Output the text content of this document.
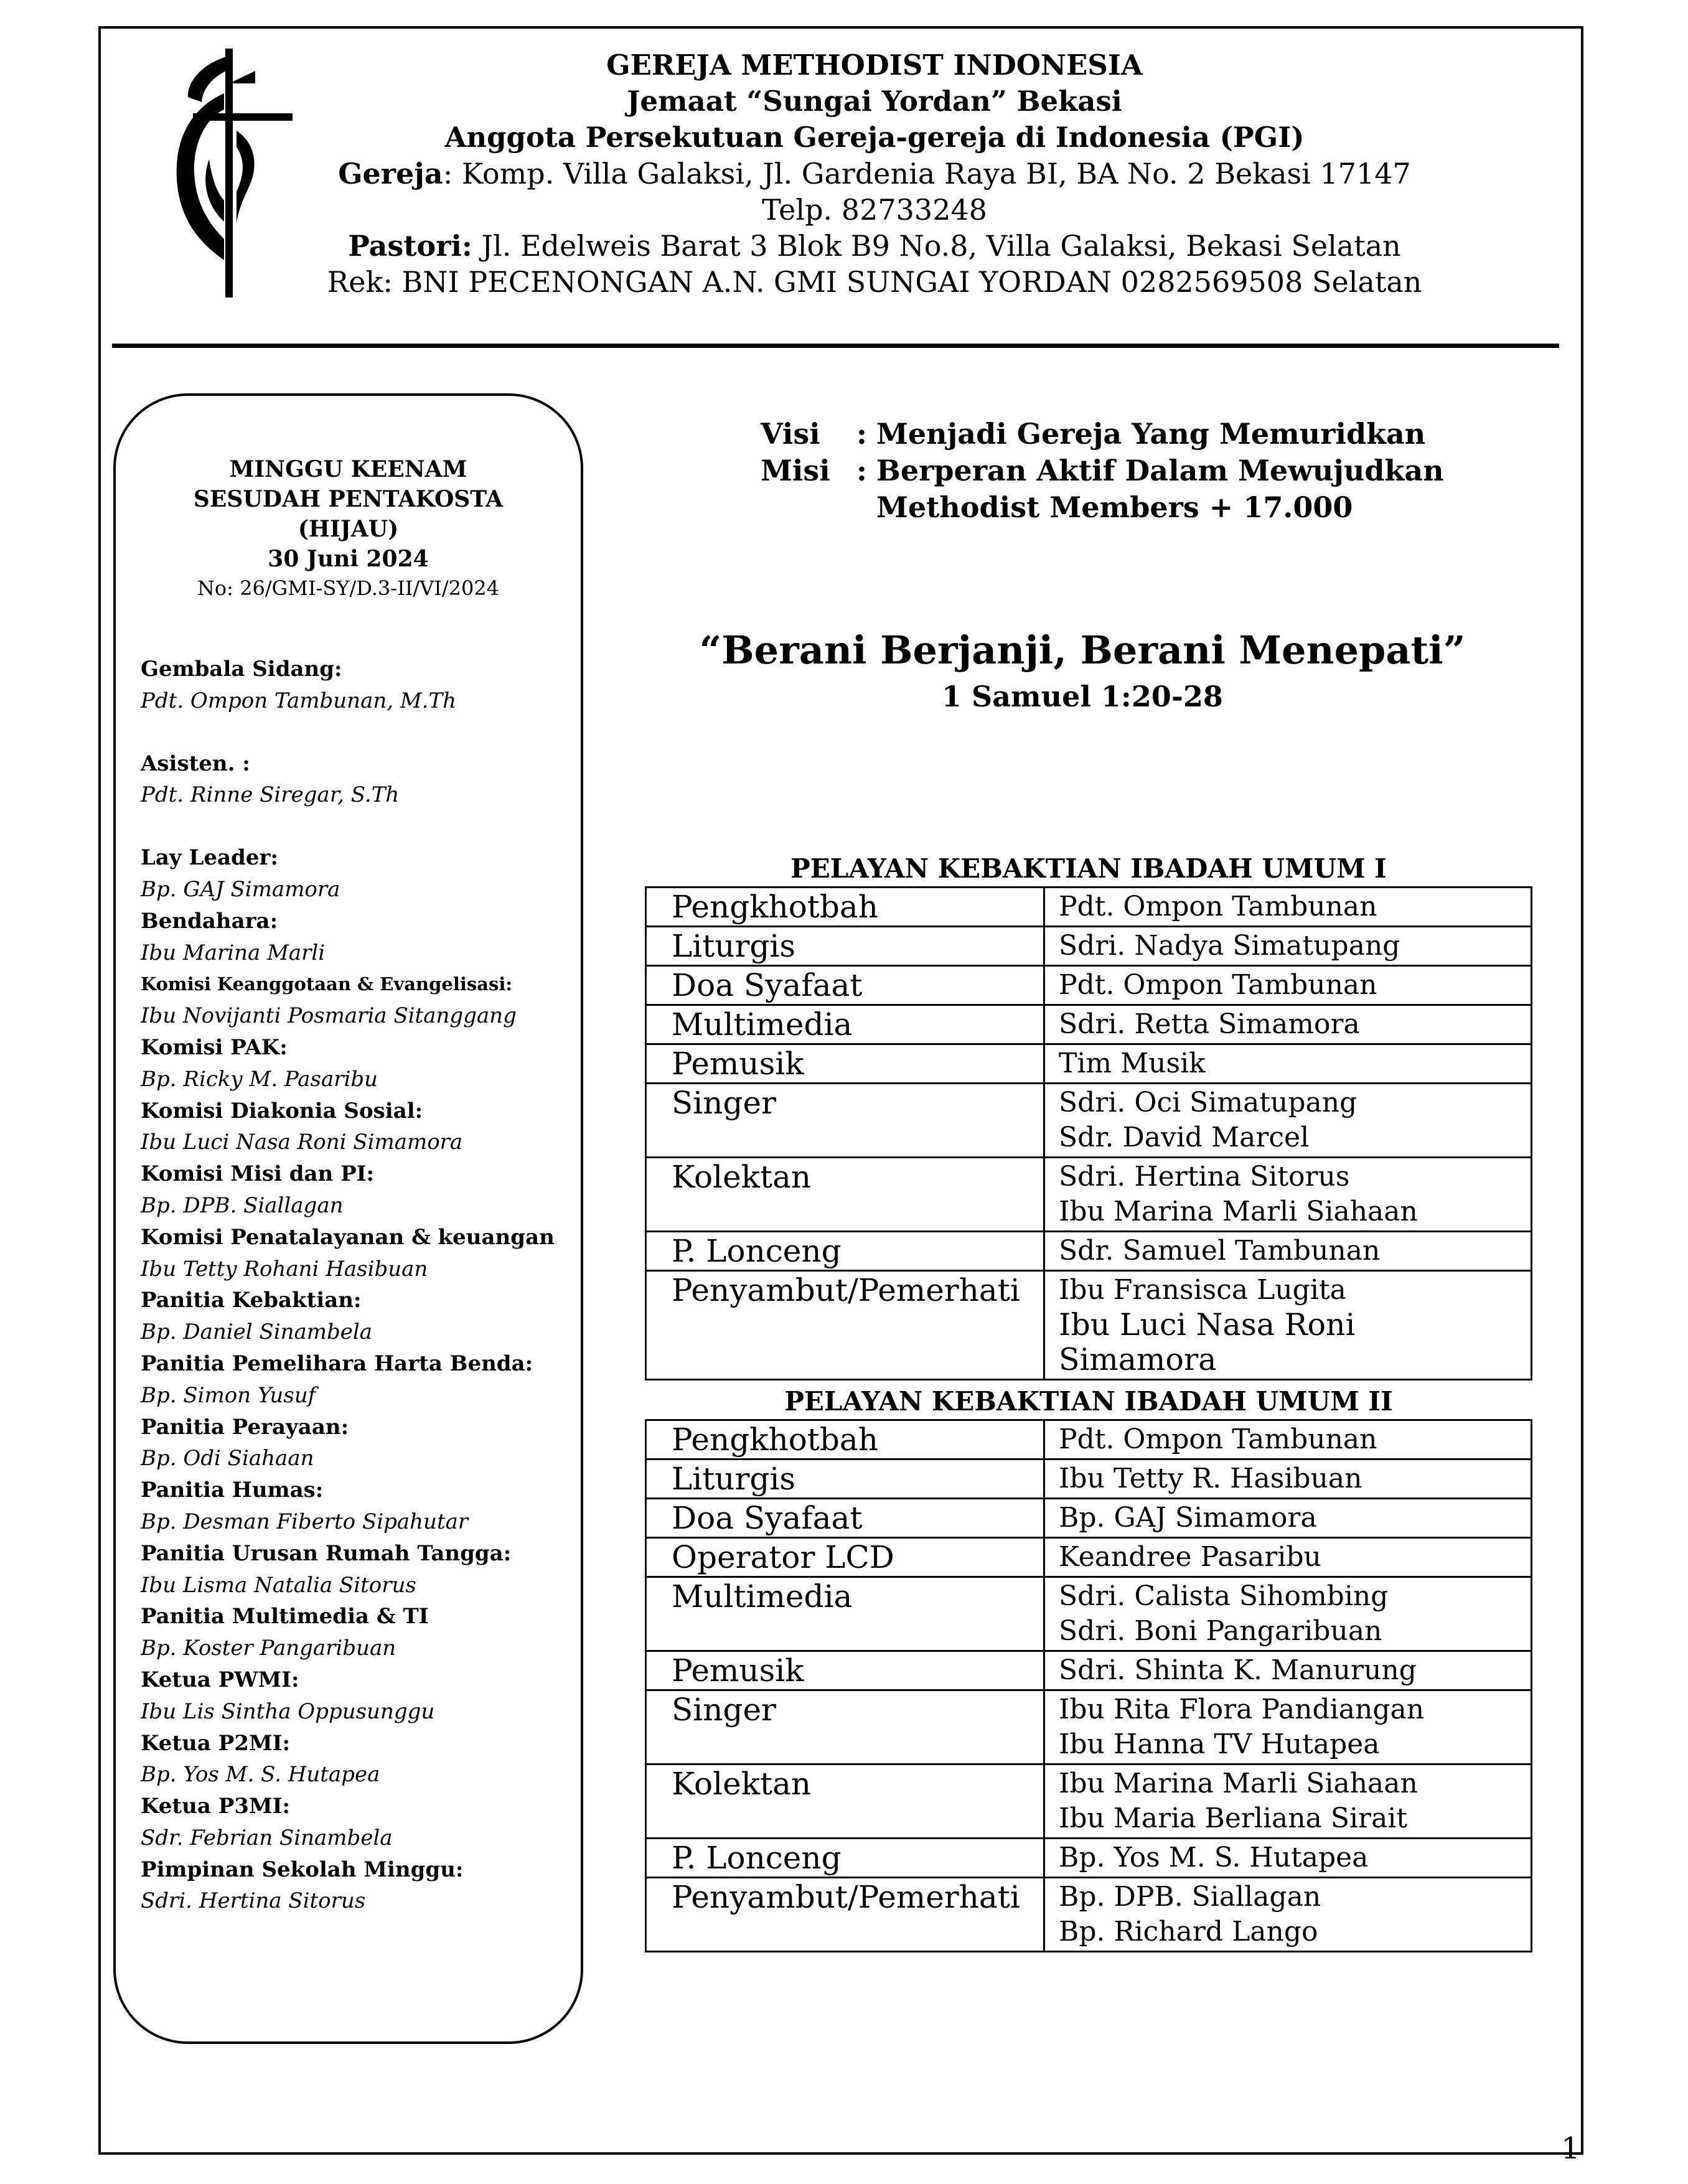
GEREJA METHODIST INDONESIA
Jemaat “Sungai Yordan” Bekasi
Anggota Persekutuan Gereja-gereja di Indonesia (PGI)
Gereja: Komp. Villa Galaksi, Jl. Gardenia Raya BI, BA No. 2 Bekasi 17147
Telp. 82733248
Pastori: Jl. Edelweis Barat 3 Blok B9 No.8, Villa Galaksi, Bekasi Selatan
Rek: BNI PECENONGAN A.N. GMI SUNGAI YORDAN 0282569508 Selatan
MINGGU KEENAM
SESUDAH PENTAKOSTA
(HIJAU)
30 Juni 2024
No: 26/GMI-SY/D.3-II/VI/2024
Gembala Sidang:
Pdt. Ompon Tambunan, M.Th
Asisten. :
Pdt. Rinne Siregar, S.Th
Lay Leader:
Bp. GAJ Simamora
Bendahara:
Ibu Marina Marli
Komisi Keanggotaan & Evangelisasi:
Ibu Novijanti Posmaria Sitanggang
Komisi PAK:
Bp. Ricky M. Pasaribu
Komisi Diakonia Sosial:
Ibu Luci Nasa Roni Simamora
Komisi Misi dan PI:
Bp. DPB. Siallagan
Komisi Penatalayanan & keuangan
Ibu Tetty Rohani Hasibuan
Panitia Kebaktian:
Bp. Daniel Sinambela
Panitia Pemelihara Harta Benda:
Bp. Simon Yusuf
Panitia Perayaan:
Bp. Odi Siahaan
Panitia Humas:
Bp. Desman Fiberto Sipahutar
Panitia Urusan Rumah Tangga:
Ibu Lisma Natalia Sitorus
Panitia Multimedia & TI
Bp. Koster Pangaribuan
Ketua PWMI:
Ibu Lis Sintha Oppusunggu
Ketua P2MI:
Bp. Yos M. S. Hutapea
Ketua P3MI:
Sdr. Febrian Sinambela
Pimpinan Sekolah Minggu:
Sdri. Hertina Sitorus
Visi	: Menjadi Gereja Yang Memuridkan
Misi : Berperan Aktif Dalam Mewujudkan
Methodist Members + 17.000
“Berani Berjanji, Berani Menepati”
1 Samuel 1:20-28
PELAYAN KEBAKTIAN IBADAH UMUM I
Pengkhotbah	Pdt. Ompon Tambunan

Liturgis	Sdri. Nadya Simatupang

Doa Syafaat	Pdt. Ompon Tambunan

Multimedia	Sdri. Retta Simamora

Pemusik	Tim Musik

Singer	Sdri. Oci Simatupang
Sdr. David Marcel

Kolektan	Sdri. Hertina Sitorus
Ibu Marina Marli Siahaan

P. Lonceng	Sdr. Samuel Tambunan

Penyambut/Pemerhati	Ibu Fransisca Lugita
Ibu Luci Nasa Roni Simamora
PELAYAN KEBAKTIAN IBADAH UMUM II
Pengkhotbah	Pdt. Ompon Tambunan

Liturgis	Ibu Tetty R. Hasibuan

Doa Syafaat	Bp. GAJ Simamora

Operator LCD	Keandree Pasaribu

Multimedia	Sdri. Calista Sihombing
Sdri. Boni Pangaribuan

Pemusik	Sdri. Shinta K. Manurung

Singer	Ibu Rita Flora Pandiangan
Ibu Hanna TV Hutapea

Kolektan	Ibu Marina Marli Siahaan
Ibu Maria Berliana Sirait

P. Lonceng	Bp. Yos M. S. Hutapea

Penyambut/Pemerhati	Bp. DPB. Siallagan
Bp. Richard Lango
1
